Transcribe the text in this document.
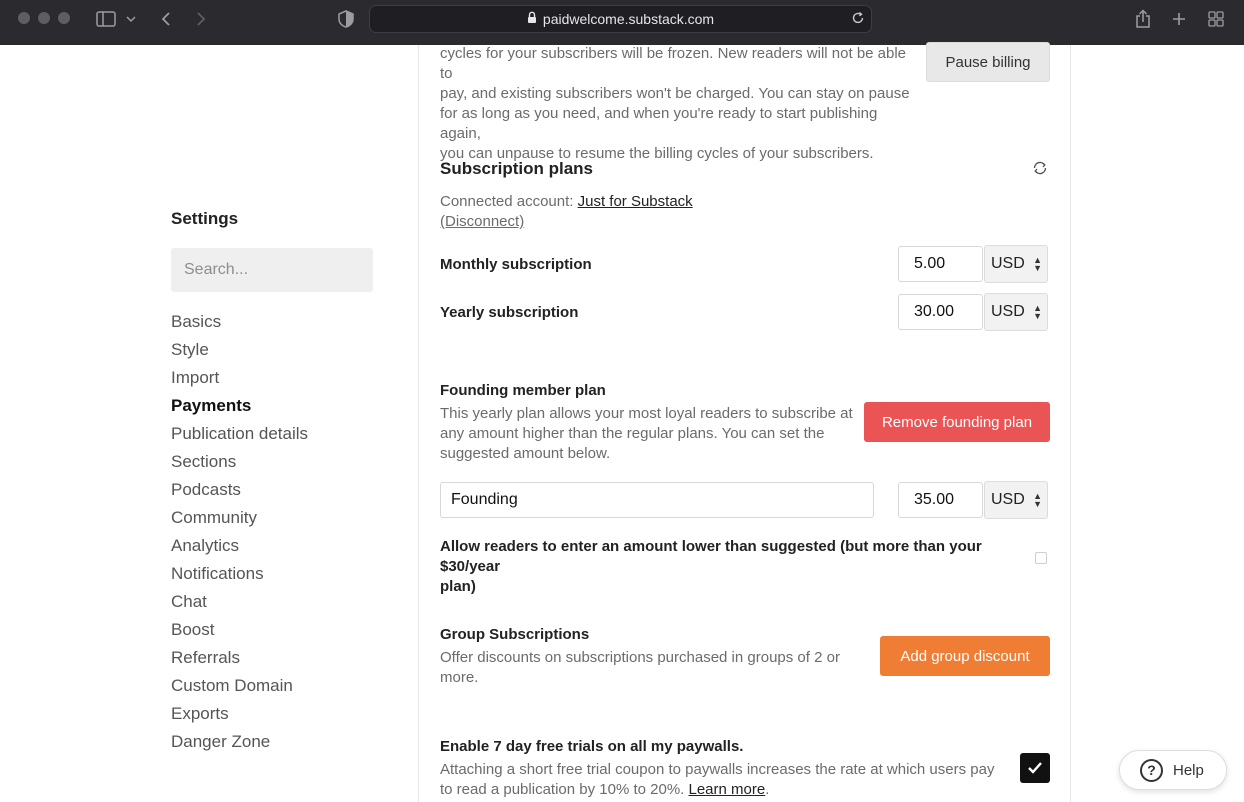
paidwelcome.substack.com
Settings
Search...
Basics
Style
Import
Payments
Publication details
Sections
Podcasts
Community
Analytics
Notifications
Chat
Boost
Referrals
Custom Domain
Exports
Danger Zone
cycles for your subscribers will be frozen. New readers will not be able to
pay, and existing subscribers won't be charged. You can stay on pause
for as long as you need, and when you're ready to start publishing again,
you can unpause to resume the billing cycles of your subscribers.
Pause billing
Subscription plans
Connected account: Just for Substack
(Disconnect)
Monthly subscription	5.00	USD ▲
▼
Yearly subscription	30.00	USD ▲
▼
Founding member plan
This yearly plan allows your most loyal readers to subscribe at
any amount higher than the regular plans. You can set the
suggested amount below.
Remove founding plan
Founding	35.00	USD ▲
▼
Allow readers to enter an amount lower than suggested (but more than your $30/year
plan)
Group Subscriptions
Offer discounts on subscriptions purchased in groups of 2 or
more.
Add group discount
Enable 7 day free trials on all my paywalls.
Attaching a short free trial coupon to paywalls increases the rate at which users pay
to read a publication by 10% to 20%. Learn more.
?	Help
